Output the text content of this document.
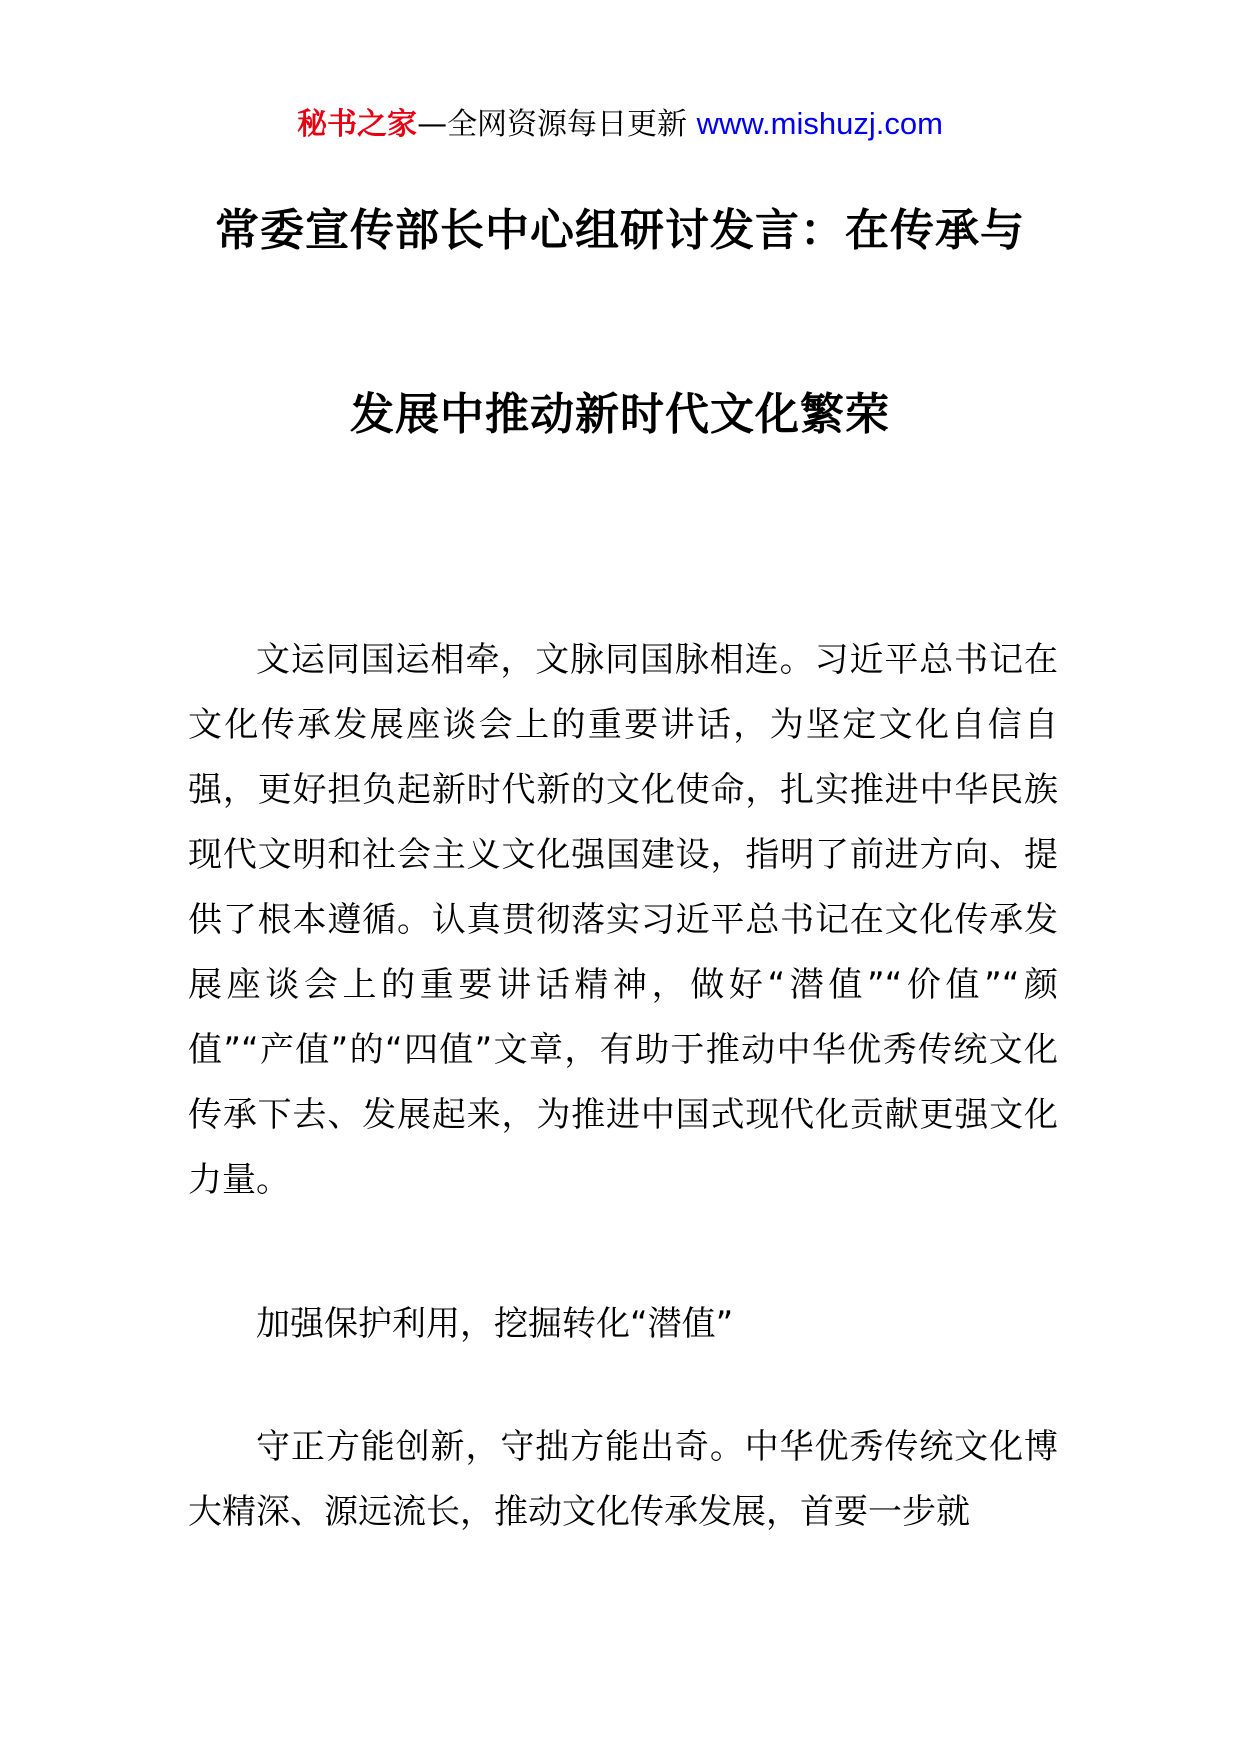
秘书之家—全网资源每日更新 www.mishuzj.com
常委宣传部长中心组研讨发言：在传承与
发展中推动新时代文化繁荣

文运同国运相牵，文脉同国脉相连。习近平总书记在文化传承发展座谈会上的重要讲话，为坚定文化自信自强，更好担负起新时代新的文化使命，扎实推进中华民族现代文明和社会主义文化强国建设，指明了前进方向、提供了根本遵循。认真贯彻落实习近平总书记在文化传承发展座谈会上的重要讲话精神，做好“潜值”“价值”“颜值”“产值”的“四值”文章，有助于推动中华优秀传统文化传承下去、发展起来，为推进中国式现代化贡献更强文化力量。

加强保护利用，挖掘转化“潜值”

守正方能创新，守拙方能出奇。中华优秀传统文化博大精深、源远流长，推动文化传承发展，首要一步就
